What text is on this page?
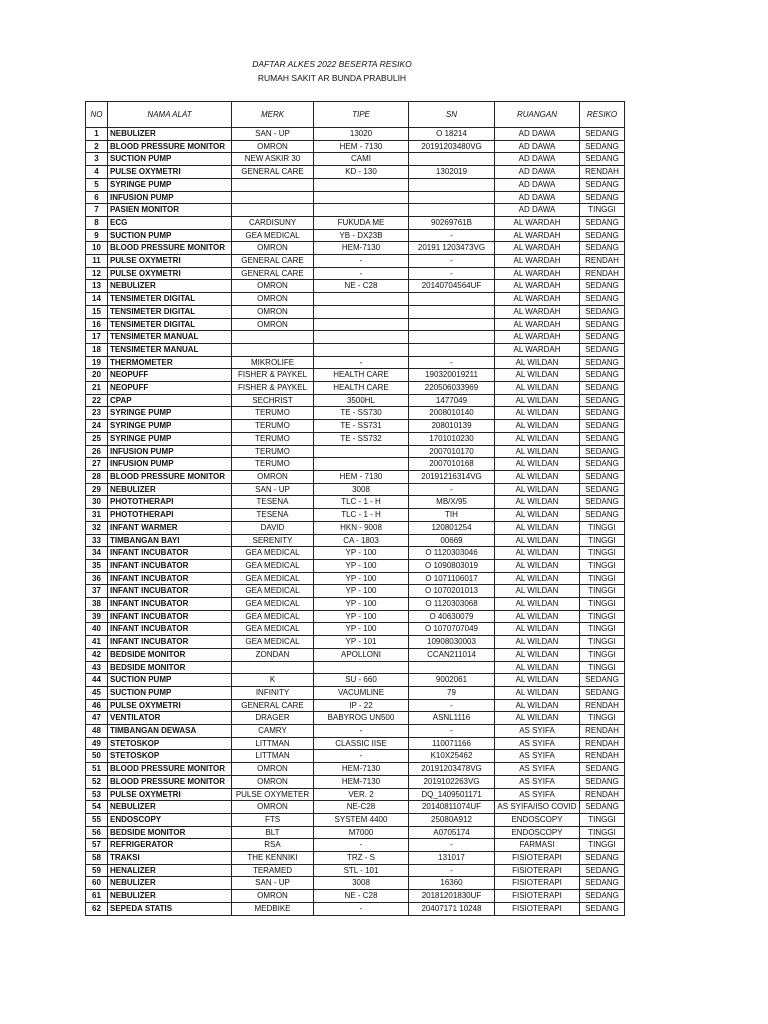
DAFTAR ALKES 2022 BESERTA RESIKO
RUMAH SAKIT AR BUNDA PRABULIH
NO	NAMA ALAT	MERK	TIPE	SN	RUANGAN	RESIKO
1	NEBULIZER	SAN - UP	13020	O 18214	AD DAWA	SEDANG
2	BLOOD PRESSURE MONITOR	OMRON	HEM - 7130	20191203480VG	AD DAWA	SEDANG
3	SUCTION PUMP	NEW ASKIR 30	CAMI		AD DAWA	SEDANG
4	PULSE OXYMETRI	GENERAL CARE	KD - 130	1302019	AD DAWA	RENDAH
5	SYRINGE PUMP				AD DAWA	SEDANG
6	INFUSION PUMP				AD DAWA	SEDANG
7	PASIEN MONITOR				AD DAWA	TINGGI
8	ECG	CARDISUNY	FUKUDA ME	90269761B	AL WARDAH	SEDANG
9	SUCTION PUMP	GEA MEDICAL	YB - DX23B	-	AL WARDAH	SEDANG
10	BLOOD PRESSURE MONITOR	OMRON	HEM-7130	20191 1203473VG	AL WARDAH	SEDANG
11	PULSE OXYMETRI	GENERAL CARE	-	-	AL WARDAH	RENDAH
12	PULSE OXYMETRI	GENERAL CARE	-	-	AL WARDAH	RENDAH
13	NEBULIZER	OMRON	NE - C28	20140704564UF	AL WARDAH	SEDANG
14	TENSIMETER DIGITAL	OMRON			AL WARDAH	SEDANG
15	TENSIMETER DIGITAL	OMRON			AL WARDAH	SEDANG
16	TENSIMETER DIGITAL	OMRON			AL WARDAH	SEDANG
17	TENSIMETER MANUAL				AL WARDAH	SEDANG
18	TENSIMETER MANUAL				AL WARDAH	SEDANG
19	THERMOMETER	MIKROLIFE	-	-	AL WILDAN	SEDANG
20	NEOPUFF	FISHER & PAYKEL	HEALTH CARE	190320019211	AL WILDAN	SEDANG
21	NEOPUFF	FISHER & PAYKEL	HEALTH CARE	220506033969	AL WILDAN	SEDANG
22	CPAP	SECHRIST	3500HL	1477049	AL WILDAN	SEDANG
23	SYRINGE PUMP	TERUMO	TE - SS730	2008010140	AL WILDAN	SEDANG
24	SYRINGE PUMP	TERUMO	TE - SS731	208010139	AL WILDAN	SEDANG
25	SYRINGE PUMP	TERUMO	TE - SS732	1701010230	AL WILDAN	SEDANG
26	INFUSION PUMP	TERUMO		2007010170	AL WILDAN	SEDANG
27	INFUSION PUMP	TERUMO		2007010168	AL WILDAN	SEDANG
28	BLOOD PRESSURE MONITOR	OMRON	HEM - 7130	20191216314VG	AL WILDAN	SEDANG
29	NEBULIZER	SAN - UP	3008	-	AL WILDAN	SEDANG
30	PHOTOTHERAPI	TESENA	TLC - 1 - H	MB/X/95	AL WILDAN	SEDANG
31	PHOTOTHERAPI	TESENA	TLC - 1 - H	TIH	AL WILDAN	SEDANG
32	INFANT WARMER	DAVID	HKN - 9008	120801254	AL WILDAN	TINGGI
33	TIMBANGAN BAYI	SERENITY	CA - 1803	00669	AL WILDAN	TINGGI
34	INFANT INCUBATOR	GEA MEDICAL	YP - 100	O 1120303046	AL WILDAN	TINGGI
35	INFANT INCUBATOR	GEA MEDICAL	YP - 100	O 1090803019	AL WILDAN	TINGGI
36	INFANT INCUBATOR	GEA MEDICAL	YP - 100	O 1071106017	AL WILDAN	TINGGI
37	INFANT INCUBATOR	GEA MEDICAL	YP - 100	O 1070201013	AL WILDAN	TINGGI
38	INFANT INCUBATOR	GEA MEDICAL	YP - 100	O 1120303068	AL WILDAN	TINGGI
39	INFANT INCUBATOR	GEA MEDICAL	YP - 100	O 40630079	AL WILDAN	TINGGI
40	INFANT INCUBATOR	GEA MEDICAL	YP - 100	O 1070707049	AL WILDAN	TINGGI
41	INFANT INCUBATOR	GEA MEDICAL	YP - 101	10908030003	AL WILDAN	TINGGI
42	BEDSIDE MONITOR	ZONDAN	APOLLONI	CCAN211014	AL WILDAN	TINGGI
43	BEDSIDE MONITOR				AL WILDAN	TINGGI
44	SUCTION PUMP	K	SU - 660	9002061	AL WILDAN	SEDANG
45	SUCTION PUMP	INFINITY	VACUMLINE	79	AL WILDAN	SEDANG
46	PULSE OXYMETRI	GENERAL CARE	IP - 22	-	AL WILDAN	RENDAH
47	VENTILATOR	DRAGER	BABYROG UN500	ASNL1116	AL WILDAN	TINGGI
48	TIMBANGAN DEWASA	CAMRY	-	-	AS SYIFA	RENDAH
49	STETOSKOP	LITTMAN	CLASSIC IISE	110071166	AS SYIFA	RENDAH
50	STETOSKOP	LITTMAN	-	K10X25462	AS SYIFA	RENDAH
51	BLOOD PRESSURE MONITOR	OMRON	HEM-7130	20191203478VG	AS SYIFA	SEDANG
52	BLOOD PRESSURE MONITOR	OMRON	HEM-7130	2019102263VG	AS SYIFA	SEDANG
53	PULSE OXYMETRI	PULSE OXYMETER	VER. 2	DQ_1409501171	AS SYIFA	RENDAH
54	NEBULIZER	OMRON	NE-C28	20140811074UF	AS SYIFA/ISO COVID	SEDANG
55	ENDOSCOPY	FTS	SYSTEM 4400	25080A912	ENDOSCOPY	TINGGI
56	BEDSIDE MONITOR	BLT	M7000	A0705174	ENDOSCOPY	TINGGI
57	REFRIGERATOR	RSA	-	-	FARMASI	TINGGI
58	TRAKSI	THE KENNIKI	TRZ - S	131017	FISIOTERAPI	SEDANG
59	HENALIZER	TERAMED	STL - 101	-	FISIOTERAPI	SEDANG
60	NEBULIZER	SAN - UP	3008	16360	FISIOTERAPI	SEDANG
61	NEBULIZER	OMRON	NE - C28	20181201830UF	FISIOTERAPI	SEDANG
62	SEPEDA STATIS	MEDBIKE	-	20407171 10248	FISIOTERAPI	SEDANG
